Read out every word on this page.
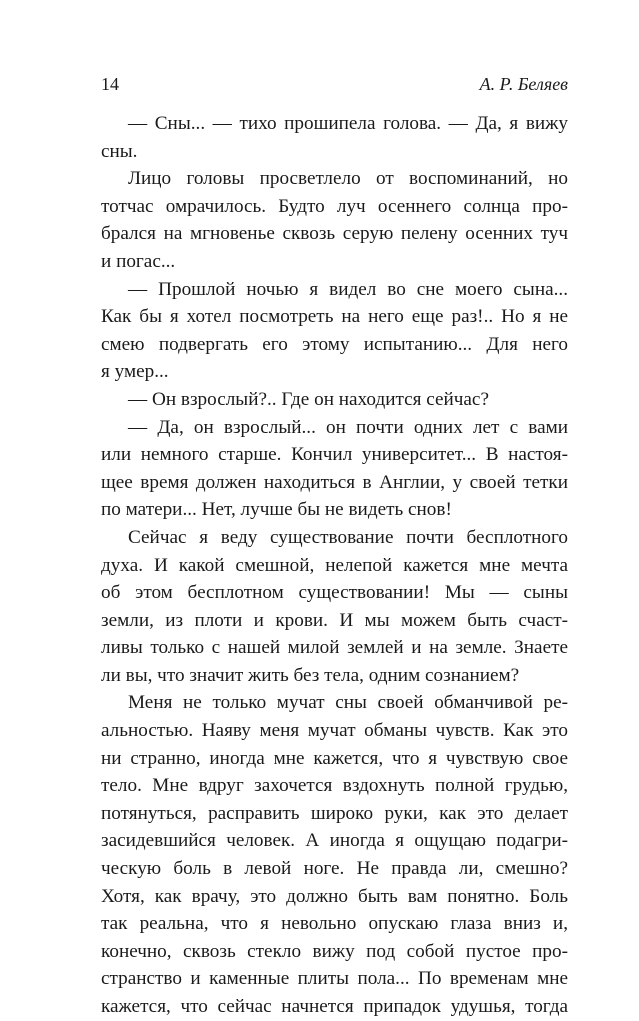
14	А. Р. Беляев
— Сны... — тихо прошипела голова. — Да, я вижу
сны.
Лицо головы просветлело от воспоминаний, но
тотчас омрачилось. Будто луч осеннего солнца про-
брался на мгновенье сквозь серую пелену осенних туч
и погас...
— Прошлой ночью я видел во сне моего сына...
Как бы я хотел посмотреть на него еще раз!.. Но я не
смею подвергать его этому испытанию... Для него
я умер...
— Он взрослый?.. Где он находится сейчас?
— Да, он взрослый... он почти одних лет с вами
или немного старше. Кончил университет... В настоя-
щее время должен находиться в Англии, у своей тетки
по матери... Нет, лучше бы не видеть снов!
Сейчас я веду существование почти бесплотного
духа. И какой смешной, нелепой кажется мне мечта
об этом бесплотном существовании! Мы — сыны
земли, из плоти и крови. И мы можем быть счаст-
ливы только с нашей милой землей и на земле. Знаете
ли вы, что значит жить без тела, одним сознанием?
Меня не только мучат сны своей обманчивой ре-
альностью. Наяву меня мучат обманы чувств. Как это
ни странно, иногда мне кажется, что я чувствую свое
тело. Мне вдруг захочется вздохнуть полной грудью,
потянуться, расправить широко руки, как это делает
засидевшийся человек. А иногда я ощущаю подагри-
ческую боль в левой ноге. Не правда ли, смешно?
Хотя, как врачу, это должно быть вам понятно. Боль
так реальна, что я невольно опускаю глаза вниз и,
конечно, сквозь стекло вижу под собой пустое про-
странство и каменные плиты пола... По временам мне
кажется, что сейчас начнется припадок удушья, тогда
